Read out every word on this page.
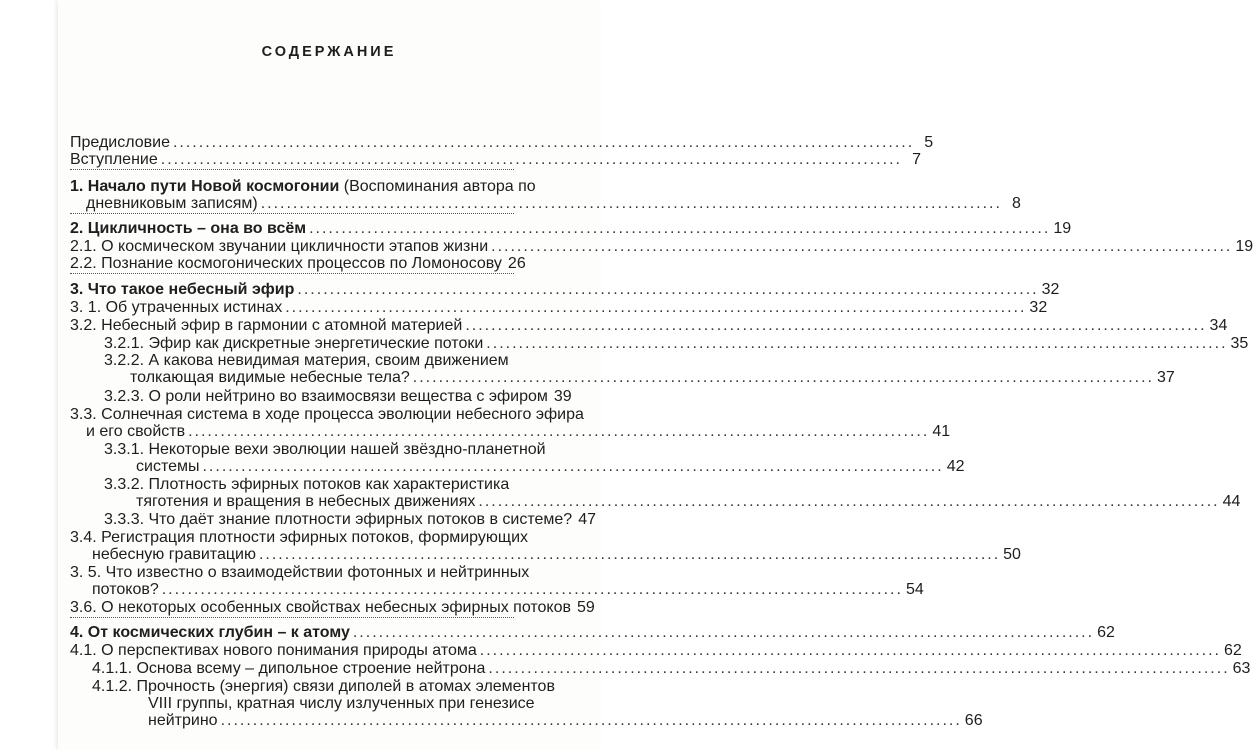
СОДЕРЖАНИЕ
Предисловие ................................................................................................................... 5
Вступление ................................................................................................................... 7
1. Начало пути Новой космогонии (Воспоминания автора по
дневниковым записям) ................................................................................................................... 8
2. Цикличность – она во всём ................................................................................................................... 19
2.1. О космическом звучании цикличности этапов жизни ................................................................................................................... 19
2.2. Познание космогонических процессов по Ломоносову 26
3. Что такое небесный эфир ................................................................................................................... 32
3. 1. Об утраченных истинах ................................................................................................................... 32
3.2. Небесный эфир в гармонии с атомной материей ................................................................................................................... 34
3.2.1. Эфир как дискретные энергетические потоки ................................................................................................................... 35
3.2.2. А какова невидимая материя, своим движением
толкающая видимые небесные тела? ................................................................................................................... 37
3.2.3. О роли нейтрино во взаимосвязи вещества с эфиром 39
3.3. Солнечная система в ходе процесса эволюции небесного эфира
и его свойств ................................................................................................................... 41
3.3.1. Некоторые вехи эволюции нашей звёздно-планетной
системы ................................................................................................................... 42
3.3.2. Плотность эфирных потоков как характеристика
тяготения и вращения в небесных движениях ................................................................................................................... 44
3.3.3. Что даёт знание плотности эфирных потоков в системе? 47
3.4. Регистрация плотности эфирных потоков, формирующих
небесную гравитацию ................................................................................................................... 50
3. 5. Что известно о взаимодействии фотонных и нейтринных
потоков? ................................................................................................................... 54
3.6. О некоторых особенных свойствах небесных эфирных потоков 59
4. От космических глубин – к атому ................................................................................................................... 62
4.1. О перспективах нового понимания природы атома ................................................................................................................... 62
4.1.1. Основа всему – дипольное строение нейтрона ................................................................................................................... 63
4.1.2. Прочность (энергия) связи диполей в атомах элементов
VIII группы, кратная числу излученных при генезисе
нейтрино ................................................................................................................... 66
